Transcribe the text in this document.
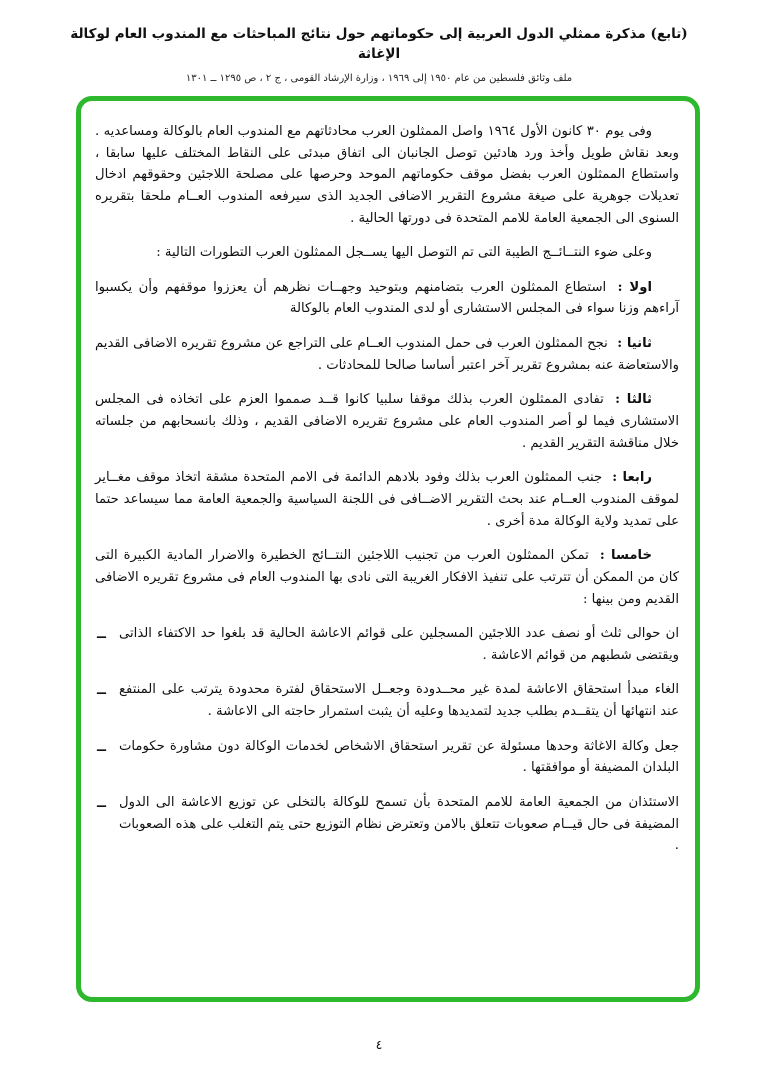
(تابع) مذكرة ممثلي الدول العربية إلى حكوماتهم حول نتائج المباحثات مع المندوب العام لوكالة الإغاثة
ملف وثائق فلسطين من عام ١٩٥٠ إلى ١٩٦٩ ، وزارة الإرشاد القومى ، ج ٢ ، ص ١٢٩٥ ــ ١٣٠١

وفى يوم ٣٠ كانون الأول ١٩٦٤ واصل الممثلون العرب محادثاتهم مع المندوب العام بالوكالة ومساعديه . وبعد نقاش طويل وأخذ ورد هادئين توصل الجانبان الى اتفاق مبدئى على النقاط المختلف عليها سابقا ، واستطاع الممثلون العرب بفضل موقف حكوماتهم الموحد وحرصها على مصلحة اللاجئين وحقوقهم ادخال تعديلات جوهرية على صيغة مشروع التقرير الاضافى الجديد الذى سيرفعه المندوب العــام ملحقا بتقريره السنوى الى الجمعية العامة للامم المتحدة فى دورتها الحالية .

وعلى ضوء النتــائــج الطيبة التى تم التوصل اليها يســجل الممثلون العرب التطورات التالية :

اولا : استطاع الممثلون العرب بتضامنهم وبتوحيد وجهــات نظرهم أن يعززوا موقفهم وأن يكسبوا آراءهم وزنا سواء فى المجلس الاستشارى أو لدى المندوب العام بالوكالة

ثانيا : نجح الممثلون العرب فى حمل المندوب العــام على التراجع عن مشروع تقريره الاضافى القديم والاستعاضة عنه بمشروع تقرير آخر اعتبر أساسا صالحا للمحادثات .

ثالثا : تفادى الممثلون العرب بذلك موقفا سلبيا كانوا قــد صمموا العزم على اتخاذه فى المجلس الاستشارى فيما لو أصر المندوب العام على مشروع تقريره الاضافى القديم ، وذلك بانسحابهم من جلساته خلال مناقشة التقرير القديم .

رابعا : جنب الممثلون العرب بذلك وفود بلادهم الدائمة فى الامم المتحدة مشقة اتخاذ موقف مغــاير لموقف المندوب العــام عند بحث التقرير الاضــافى فى اللجنة السياسية والجمعية العامة مما سيساعد حتما على تمديد ولاية الوكالة مدة أخرى .

خامسا : تمكن الممثلون العرب من تجنيب اللاجئين النتــائج الخطيرة والاضرار المادية الكبيرة التى كان من الممكن أن تترتب على تنفيذ الافكار الغريبة التى نادى بها المندوب العام فى مشروع تقريره الاضافى القديم ومن بينها :

ــ ان حوالى ثلث أو نصف عدد اللاجئين المسجلين على قوائم الاعاشة الحالية قد بلغوا حد الاكتفاء الذاتى ويقتضى شطبهم من قوائم الاعاشة .
ــ الغاء مبدأ استحقاق الاعاشة لمدة غير محــدودة وجعــل الاستحقاق لفترة محدودة يترتب على المنتفع عند انتهائها أن يتقــدم بطلب جديد لتمديدها وعليه أن يثبت استمرار حاجته الى الاعاشة .
ــ جعل وكالة الاغاثة وحدها مسئولة عن تقرير استحقاق الاشخاص لخدمات الوكالة دون مشاورة حكومات البلدان المضيفة أو موافقتها .
ــ الاستئذان من الجمعية العامة للامم المتحدة بأن تسمح للوكالة بالتخلى عن توزيع الاعاشة الى الدول المضيفة فى حال قيــام صعوبات تتعلق بالامن وتعترض نظام التوزيع حتى يتم التغلب على هذه الصعوبات .
٤
